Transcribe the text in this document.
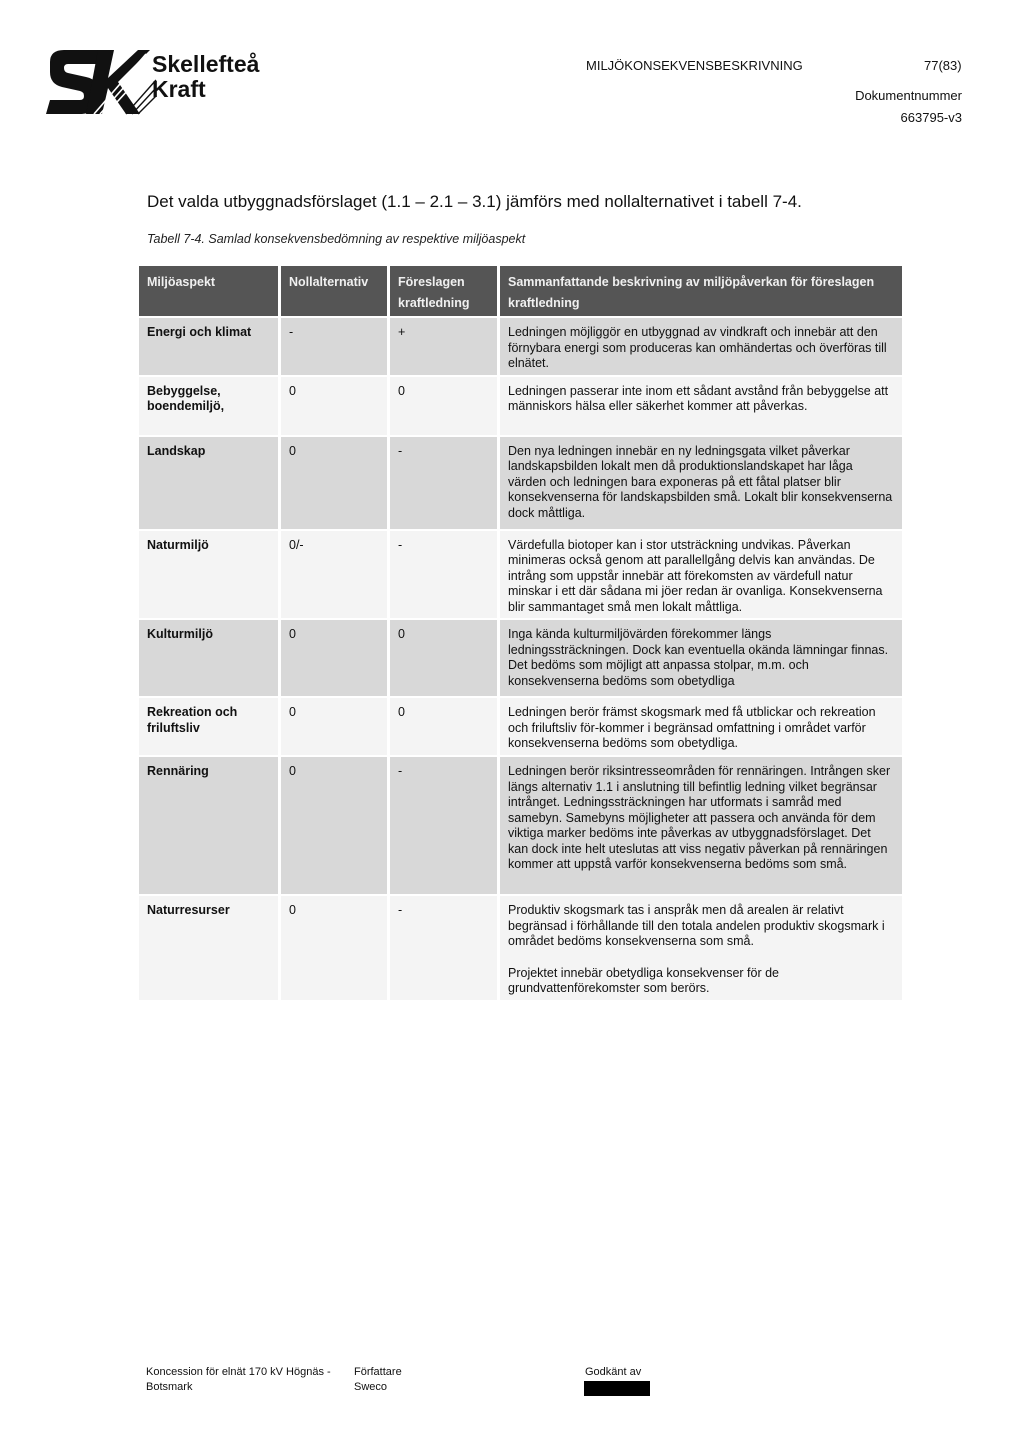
Skellefteå
Kraft
MILJÖKONSEKVENSBESKRIVNING	77(83)
Dokumentnummer
663795-v3
Det valda utbyggnadsförslaget (1.1 – 2.1 – 3.1) jämförs med nollalternativet i tabell 7-4.
Tabell 7-4. Samlad konsekvensbedömning av respektive miljöaspekt
Miljöaspekt	Nollalternativ	Föreslagen kraftledning	Sammanfattande beskrivning av miljöpåverkan för föreslagen kraftledning
Energi och klimat	-	+	Ledningen möjliggör en utbyggnad av vindkraft och innebär att den förnybara energi som produceras kan omhändertas och överföras till elnätet.
Bebyggelse, boendemiljö,	0	0	Ledningen passerar inte inom ett sådant avstånd från bebyggelse att människors hälsa eller säkerhet kommer att påverkas.
Landskap	0	-	Den nya ledningen innebär en ny ledningsgata vilket påverkar landskapsbilden lokalt men då produktionslandskapet har låga värden och ledningen bara exponeras på ett fåtal platser blir konsekvenserna för landskapsbilden små. Lokalt blir konsekvenserna dock måttliga.
Naturmiljö	0/-	-	Värdefulla biotoper kan i stor utsträckning undvikas. Påverkan minimeras också genom att parallellgång delvis kan användas. De intrång som uppstår innebär att förekomsten av värdefull natur minskar i ett där sådana mi jöer redan är ovanliga. Konsekvenserna blir sammantaget små men lokalt måttliga.
Kulturmiljö	0	0	Inga kända kulturmiljövärden förekommer längs ledningssträckningen. Dock kan eventuella okända lämningar finnas. Det bedöms som möjligt att anpassa stolpar, m.m. och konsekvenserna bedöms som obetydliga
Rekreation och friluftsliv	0	0	Ledningen berör främst skogsmark med få utblickar och rekreation och friluftsliv för-kommer i begränsad omfattning i området varför konsekvenserna bedöms som obetydliga.
Rennäring	0	-	Ledningen berör riksintresseområden för rennäringen. Intrången sker längs alternativ 1.1 i anslutning till befintlig ledning vilket begränsar intrånget. Ledningssträckningen har utformats i samråd med samebyn. Samebyns möjligheter att passera och använda för dem viktiga marker bedöms inte påverkas av utbyggnadsförslaget. Det kan dock inte helt uteslutas att viss negativ påverkan på rennäringen kommer att uppstå varför konsekvenserna bedöms som små.
Naturresurser	0	-	Produktiv skogsmark tas i anspråk men då arealen är relativt begränsad i förhållande till den totala andelen produktiv skogsmark i området bedöms konsekvenserna som små.
Projektet innebär obetydliga konsekvenser för de grundvattenförekomster som berörs.
Koncession för elnät 170 kV Högnäs - Botsmark
Författare
Sweco
Godkänt av
